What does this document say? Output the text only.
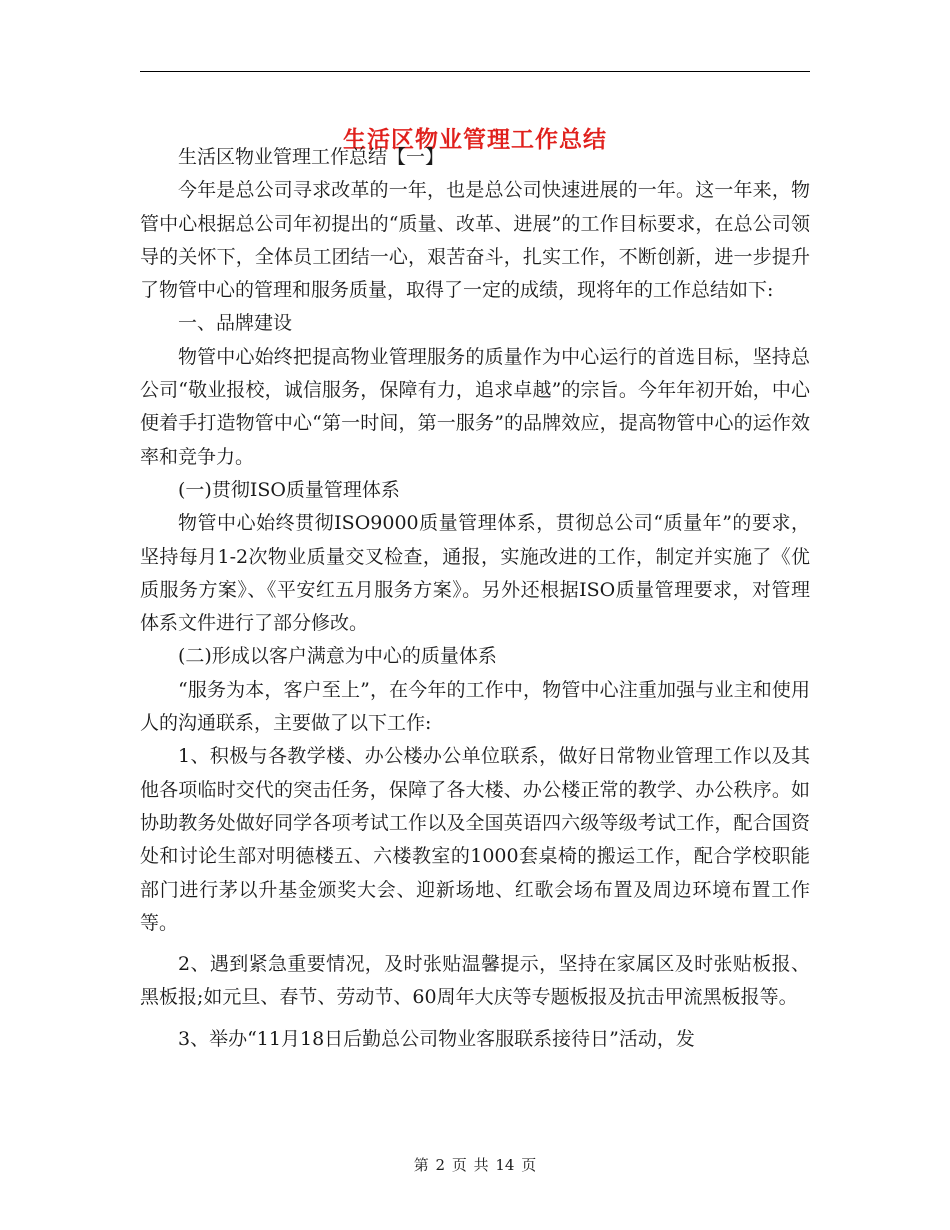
生活区物业管理工作总结

生活区物业管理工作总结【一】

今年是总公司寻求改革的一年，也是总公司快速进展的一年。这一年来，物管中心根据总公司年初提出的“质量、改革、进展”的工作目标要求，在总公司领导的关怀下，全体员工团结一心，艰苦奋斗，扎实工作，不断创新，进一步提升了物管中心的管理和服务质量，取得了一定的成绩，现将年的工作总结如下:

一、品牌建设

物管中心始终把提高物业管理服务的质量作为中心运行的首选目标，坚持总公司“敬业报校，诚信服务，保障有力，追求卓越”的宗旨。今年年初开始，中心便着手打造物管中心“第一时间，第一服务”的品牌效应，提高物管中心的运作效率和竞争力。

(一)贯彻ISO质量管理体系

物管中心始终贯彻ISO9000质量管理体系，贯彻总公司“质量年”的要求，坚持每月1-2次物业质量交叉检查，通报，实施改进的工作，制定并实施了《优质服务方案》、《平安红五月服务方案》。另外还根据ISO质量管理要求，对管理体系文件进行了部分修改。

(二)形成以客户满意为中心的质量体系

“服务为本，客户至上”，在今年的工作中，物管中心注重加强与业主和使用人的沟通联系，主要做了以下工作:

1、积极与各教学楼、办公楼办公单位联系，做好日常物业管理工作以及其他各项临时交代的突击任务，保障了各大楼、办公楼正常的教学、办公秩序。如协助教务处做好同学各项考试工作以及全国英语四六级等级考试工作，配合国资处和讨论生部对明德楼五、六楼教室的1000套桌椅的搬运工作，配合学校职能部门进行茅以升基金颁奖大会、迎新场地、红歌会场布置及周边环境布置工作等。

2、遇到紧急重要情况，及时张贴温馨提示，坚持在家属区及时张贴板报、黑板报;如元旦、春节、劳动节、60周年大庆等专题板报及抗击甲流黑板报等。

3、举办“11月18日后勤总公司物业客服联系接待日”活动，发

第 2 页 共 14 页
